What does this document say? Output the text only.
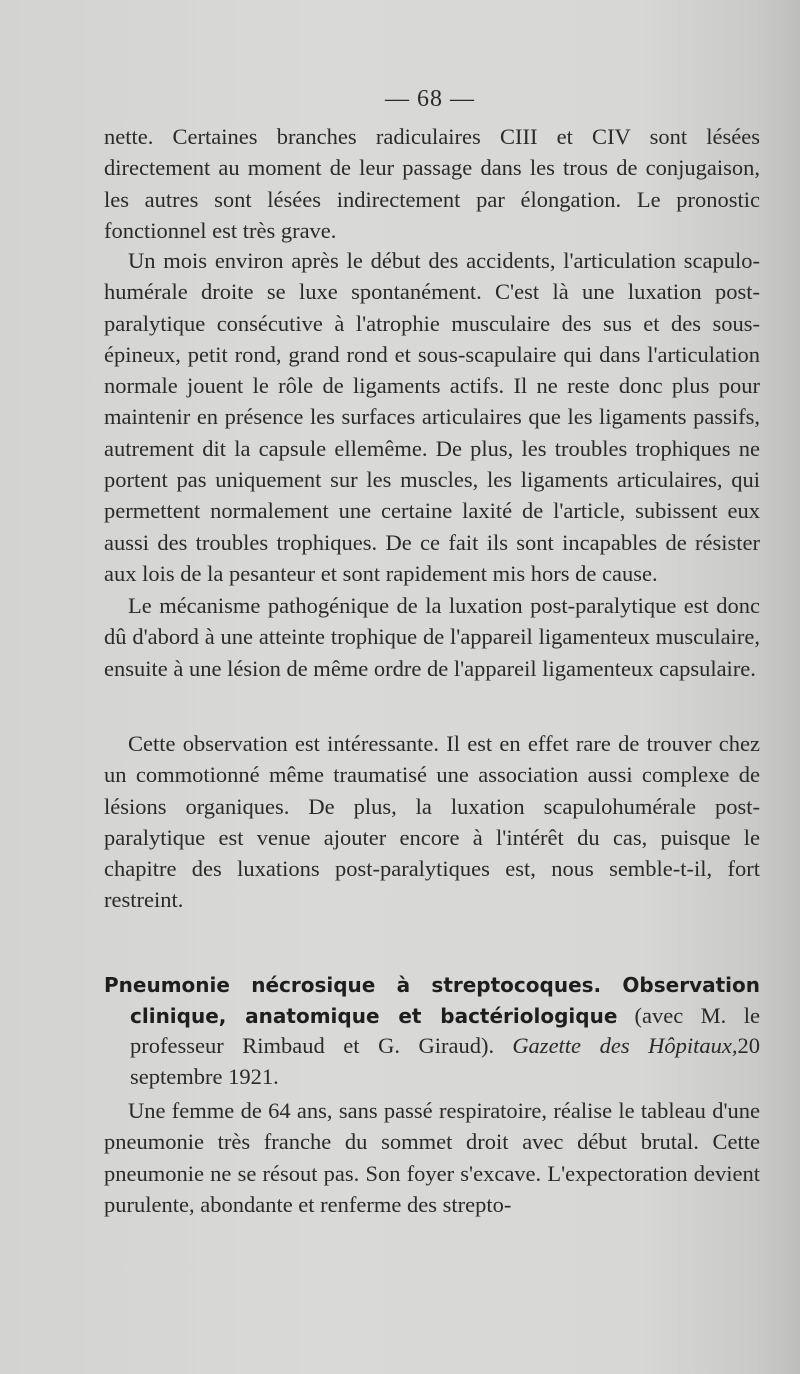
— 68 —

nette. Certaines branches radiculaires CIII et CIV sont lésées directement au moment de leur passage dans les trous de conjugaison, les autres sont lésées indirectement par élongation. Le pronostic fonctionnel est très grave.

Un mois environ après le début des accidents, l'articulation scapulo-humérale droite se luxe spontanément. C'est là une luxation post-paralytique consécutive à l'atrophie musculaire des sus et des sous-épineux, petit rond, grand rond et sous-scapulaire qui dans l'articulation normale jouent le rôle de ligaments actifs. Il ne reste donc plus pour maintenir en présence les surfaces articulaires que les ligaments passifs, autrement dit la capsule ellemême. De plus, les troubles trophiques ne portent pas uniquement sur les muscles, les ligaments articulaires, qui permettent normalement une certaine laxité de l'article, subissent eux aussi des troubles trophiques. De ce fait ils sont incapables de résister aux lois de la pesanteur et sont rapidement mis hors de cause.

Le mécanisme pathogénique de la luxation post-paralytique est donc dû d'abord à une atteinte trophique de l'appareil ligamenteux musculaire, ensuite à une lésion de même ordre de l'appareil ligamenteux capsulaire.

Cette observation est intéressante. Il est en effet rare de trouver chez un commotionné même traumatisé une association aussi complexe de lésions organiques. De plus, la luxation scapulohumérale post-paralytique est venue ajouter encore à l'intérêt du cas, puisque le chapitre des luxations post-paralytiques est, nous semble-t-il, fort restreint.

Pneumonie nécrosique à streptocoques. Observation clinique, anatomique et bactériologique (avec M. le professeur Rimbaud et G. Giraud). Gazette des Hôpitaux,20 septembre 1921.

Une femme de 64 ans, sans passé respiratoire, réalise le tableau d'une pneumonie très franche du sommet droit avec début brutal. Cette pneumonie ne se résout pas. Son foyer s'excave. L'expectoration devient purulente, abondante et renferme des strepto-
